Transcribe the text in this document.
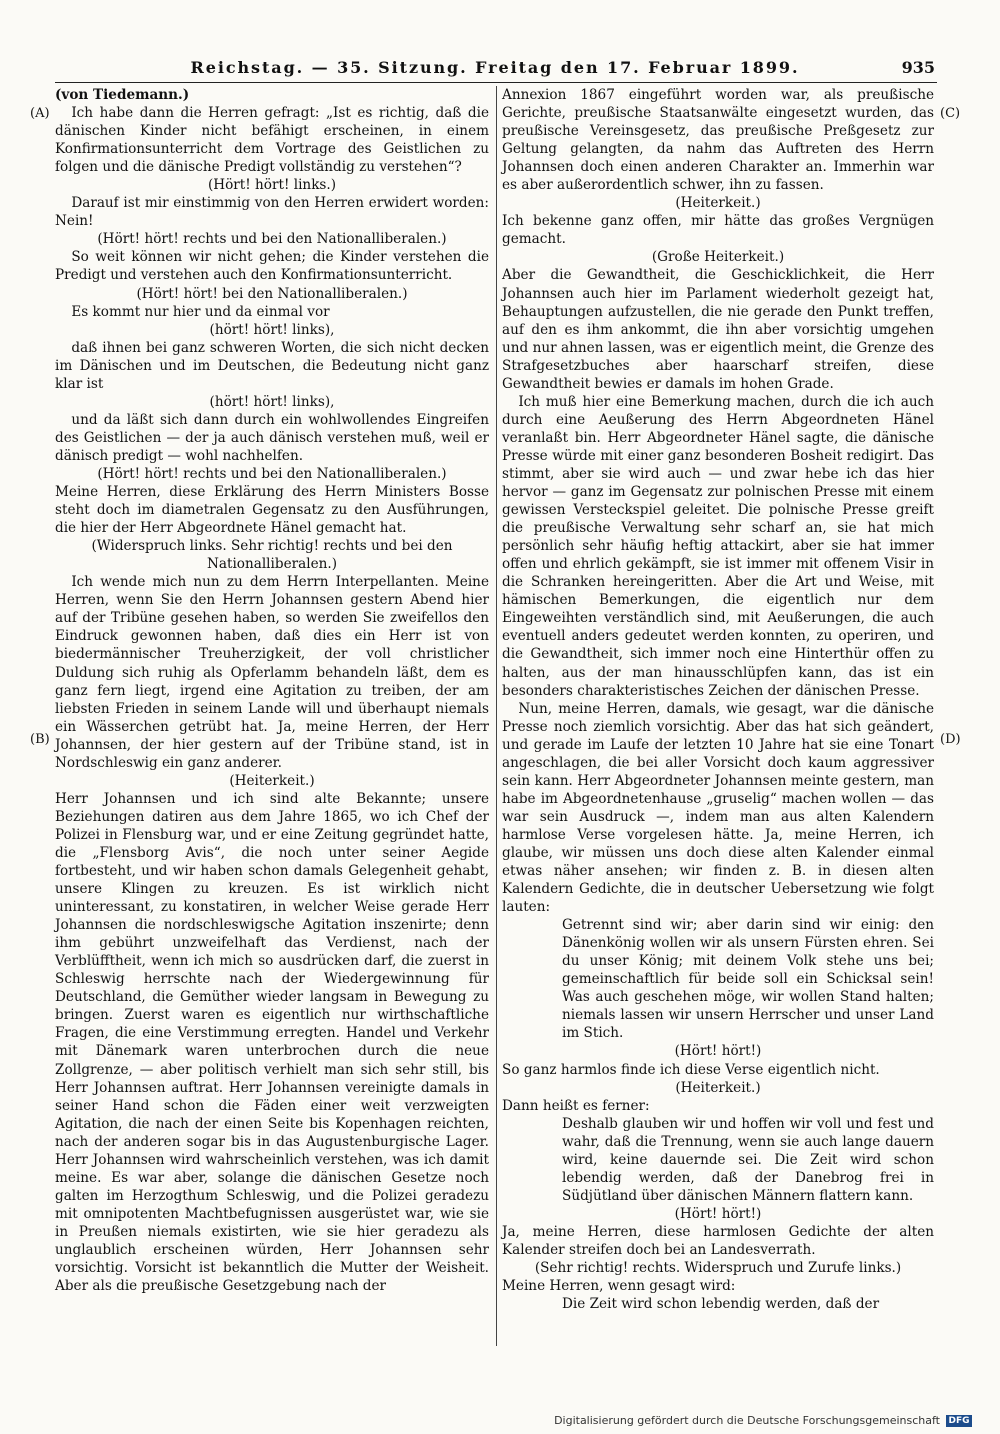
Reichstag. — 35. Sitzung. Freitag den 17. Februar 1899.	935
(A)
(B)
(C)
(D)

(von Tiedemann.)

Ich habe dann die Herren gefragt: „Ist es richtig, daß die dänischen Kinder nicht befähigt erscheinen, in einem Konfirmationsunterricht dem Vortrage des Geistlichen zu folgen und die dänische Predigt vollständig zu verstehen“?

(Hört! hört! links.)

Darauf ist mir einstimmig von den Herren erwidert worden: Nein!

(Hört! hört! rechts und bei den Nationalliberalen.)

So weit können wir nicht gehen; die Kinder verstehen die Predigt und verstehen auch den Konfirmationsunterricht.

(Hört! hört! bei den Nationalliberalen.)

Es kommt nur hier und da einmal vor

(hört! hört! links),

daß ihnen bei ganz schweren Worten, die sich nicht decken im Dänischen und im Deutschen, die Bedeutung nicht ganz klar ist

(hört! hört! links),

und da läßt sich dann durch ein wohlwollendes Eingreifen des Geistlichen — der ja auch dänisch verstehen muß, weil er dänisch predigt — wohl nachhelfen.

(Hört! hört! rechts und bei den Nationalliberalen.)

Meine Herren, diese Erklärung des Herrn Ministers Bosse steht doch im diametralen Gegensatz zu den Ausführungen, die hier der Herr Abgeordnete Hänel gemacht hat.

(Widerspruch links. Sehr richtig! rechts und bei den Nationalliberalen.)

Ich wende mich nun zu dem Herrn Interpellanten. Meine Herren, wenn Sie den Herrn Johannsen gestern Abend hier auf der Tribüne gesehen haben, so werden Sie zweifellos den Eindruck gewonnen haben, daß dies ein Herr ist von biedermännischer Treuherzigkeit, der voll christlicher Duldung sich ruhig als Opferlamm behandeln läßt, dem es ganz fern liegt, irgend eine Agitation zu treiben, der am liebsten Frieden in seinem Lande will und überhaupt niemals ein Wässerchen getrübt hat. Ja, meine Herren, der Herr Johannsen, der hier gestern auf der Tribüne stand, ist in Nordschleswig ein ganz anderer.

(Heiterkeit.)

Herr Johannsen und ich sind alte Bekannte; unsere Beziehungen datiren aus dem Jahre 1865, wo ich Chef der Polizei in Flensburg war, und er eine Zeitung gegründet hatte, die „Flensborg Avis“, die noch unter seiner Aegide fortbesteht, und wir haben schon damals Gelegenheit gehabt, unsere Klingen zu kreuzen. Es ist wirklich nicht uninteressant, zu konstatiren, in welcher Weise gerade Herr Johannsen die nordschleswigsche Agitation inszenirte; denn ihm gebührt unzweifelhaft das Verdienst, nach der Verblüfftheit, wenn ich mich so ausdrücken darf, die zuerst in Schleswig herrschte nach der Wiedergewinnung für Deutschland, die Gemüther wieder langsam in Bewegung zu bringen. Zuerst waren es eigentlich nur wirthschaftliche Fragen, die eine Verstimmung erregten. Handel und Verkehr mit Dänemark waren unterbrochen durch die neue Zollgrenze, — aber politisch verhielt man sich sehr still, bis Herr Johannsen auftrat. Herr Johannsen vereinigte damals in seiner Hand schon die Fäden einer weit verzweigten Agitation, die nach der einen Seite bis Kopenhagen reichten, nach der anderen sogar bis in das Augustenburgische Lager. Herr Johannsen wird wahrscheinlich verstehen, was ich damit meine. Es war aber, solange die dänischen Gesetze noch galten im Herzogthum Schleswig, und die Polizei geradezu mit omnipotenten Machtbefugnissen ausgerüstet war, wie sie in Preußen niemals existirten, wie sie hier geradezu als unglaublich erscheinen würden, Herr Johannsen sehr vorsichtig. Vorsicht ist bekanntlich die Mutter der Weisheit. Aber als die preußische Gesetzgebung nach der

Annexion 1867 eingeführt worden war, als preußische Gerichte, preußische Staatsanwälte eingesetzt wurden, das preußische Vereinsgesetz, das preußische Preßgesetz zur Geltung gelangten, da nahm das Auftreten des Herrn Johannsen doch einen anderen Charakter an. Immerhin war es aber außerordentlich schwer, ihn zu fassen.

(Heiterkeit.)

Ich bekenne ganz offen, mir hätte das großes Vergnügen gemacht.

(Große Heiterkeit.)

Aber die Gewandtheit, die Geschicklichkeit, die Herr Johannsen auch hier im Parlament wiederholt gezeigt hat, Behauptungen aufzustellen, die nie gerade den Punkt treffen, auf den es ihm ankommt, die ihn aber vorsichtig umgehen und nur ahnen lassen, was er eigentlich meint, die Grenze des Strafgesetzbuches aber haarscharf streifen, diese Gewandtheit bewies er damals im hohen Grade.

Ich muß hier eine Bemerkung machen, durch die ich auch durch eine Aeußerung des Herrn Abgeordneten Hänel veranlaßt bin. Herr Abgeordneter Hänel sagte, die dänische Presse würde mit einer ganz besonderen Bosheit redigirt. Das stimmt, aber sie wird auch — und zwar hebe ich das hier hervor — ganz im Gegensatz zur polnischen Presse mit einem gewissen Versteckspiel geleitet. Die polnische Presse greift die preußische Verwaltung sehr scharf an, sie hat mich persönlich sehr häufig heftig attackirt, aber sie hat immer offen und ehrlich gekämpft, sie ist immer mit offenem Visir in die Schranken hereingeritten. Aber die Art und Weise, mit hämischen Bemerkungen, die eigentlich nur dem Eingeweihten verständlich sind, mit Aeußerungen, die auch eventuell anders gedeutet werden konnten, zu operiren, und die Gewandtheit, sich immer noch eine Hinterthür offen zu halten, aus der man hinausschlüpfen kann, das ist ein besonders charakteristisches Zeichen der dänischen Presse.

Nun, meine Herren, damals, wie gesagt, war die dänische Presse noch ziemlich vorsichtig. Aber das hat sich geändert, und gerade im Laufe der letzten 10 Jahre hat sie eine Tonart angeschlagen, die bei aller Vorsicht doch kaum aggressiver sein kann. Herr Abgeordneter Johannsen meinte gestern, man habe im Abgeordnetenhause „gruselig“ machen wollen — das war sein Ausdruck —, indem man aus alten Kalendern harmlose Verse vorgelesen hätte. Ja, meine Herren, ich glaube, wir müssen uns doch diese alten Kalender einmal etwas näher ansehen; wir finden z. B. in diesen alten Kalendern Gedichte, die in deutscher Uebersetzung wie folgt lauten:

Getrennt sind wir; aber darin sind wir einig: den Dänenkönig wollen wir als unsern Fürsten ehren. Sei du unser König; mit deinem Volk stehe uns bei; gemeinschaftlich für beide soll ein Schicksal sein! Was auch geschehen möge, wir wollen Stand halten; niemals lassen wir unsern Herrscher und unser Land im Stich.

(Hört! hört!)

So ganz harmlos finde ich diese Verse eigentlich nicht.

(Heiterkeit.)

Dann heißt es ferner:

Deshalb glauben wir und hoffen wir voll und fest und wahr, daß die Trennung, wenn sie auch lange dauern wird, keine dauernde sei. Die Zeit wird schon lebendig werden, daß der Danebrog frei in Südjütland über dänischen Männern flattern kann.

(Hört! hört!)

Ja, meine Herren, diese harmlosen Gedichte der alten Kalender streifen doch bei an Landesverrath.

(Sehr richtig! rechts. Widerspruch und Zurufe links.)

Meine Herren, wenn gesagt wird:

Die Zeit wird schon lebendig werden, daß der

Digitalisierung gefördert durch die Deutsche Forschungsgemeinschaft DFG
